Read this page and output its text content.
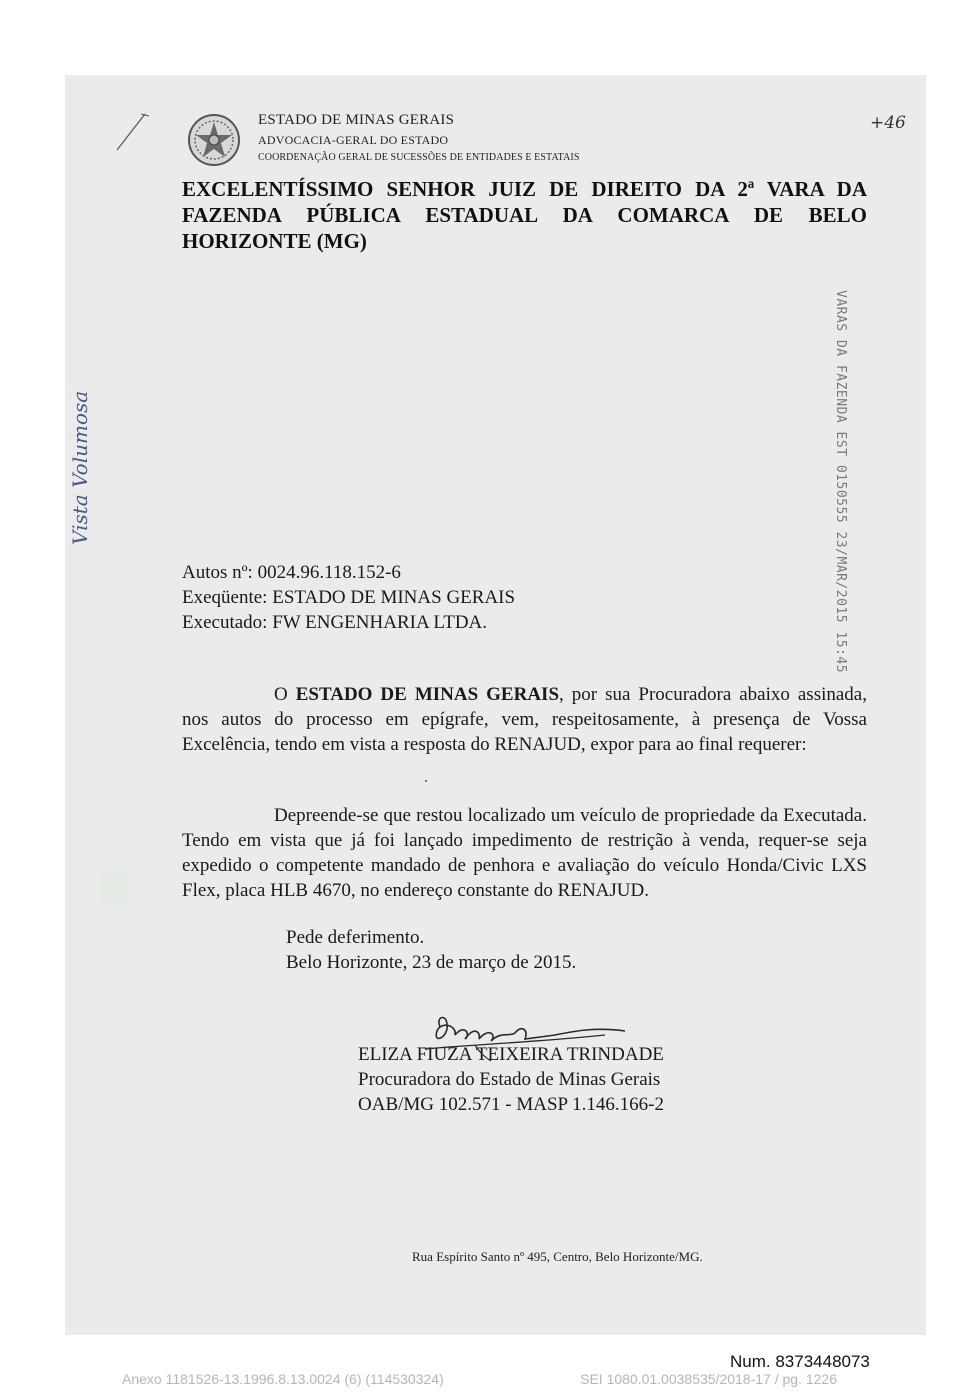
ESTADO DE MINAS GERAIS
ADVOCACIA-GERAL DO ESTADO
COORDENAÇÃO GERAL DE SUCESSÕES DE ENTIDADES E ESTATAIS
+46
EXCELENTÍSSIMO SENHOR JUIZ DE DIREITO DA 2ª VARA DA
FAZENDA PÚBLICA ESTADUAL DA COMARCA DE BELO
HORIZONTE (MG)
VARAS DA FAZENDA EST 0150555 23/MAR/2015 15:45
Vista Volumosa
Autos nº: 0024.96.118.152-6
Exeqüente: ESTADO DE MINAS GERAIS
Executado: FW ENGENHARIA LTDA.
O ESTADO DE MINAS GERAIS, por sua Procuradora abaixo assinada, nos autos do processo em epígrafe, vem, respeitosamente, à presença de Vossa Excelência, tendo em vista a resposta do RENAJUD, expor para ao final requerer:
Depreende-se que restou localizado um veículo de propriedade da Executada. Tendo em vista que já foi lançado impedimento de restrição à venda, requer-se seja expedido o competente mandado de penhora e avaliação do veículo Honda/Civic LXS Flex, placa HLB 4670, no endereço constante do RENAJUD.
Pede deferimento.
Belo Horizonte, 23 de março de 2015.
ELIZA FIUZA TEIXEIRA TRINDADE
Procuradora do Estado de Minas Gerais
OAB/MG 102.571 - MASP 1.146.166-2
Rua Espírito Santo nº 495, Centro, Belo Horizonte/MG.
Num. 8373448073
Anexo 1181526-13.1996.8.13.0024 (6) (114530324)	SEI 1080.01.0038535/2018-17 / pg. 1226
